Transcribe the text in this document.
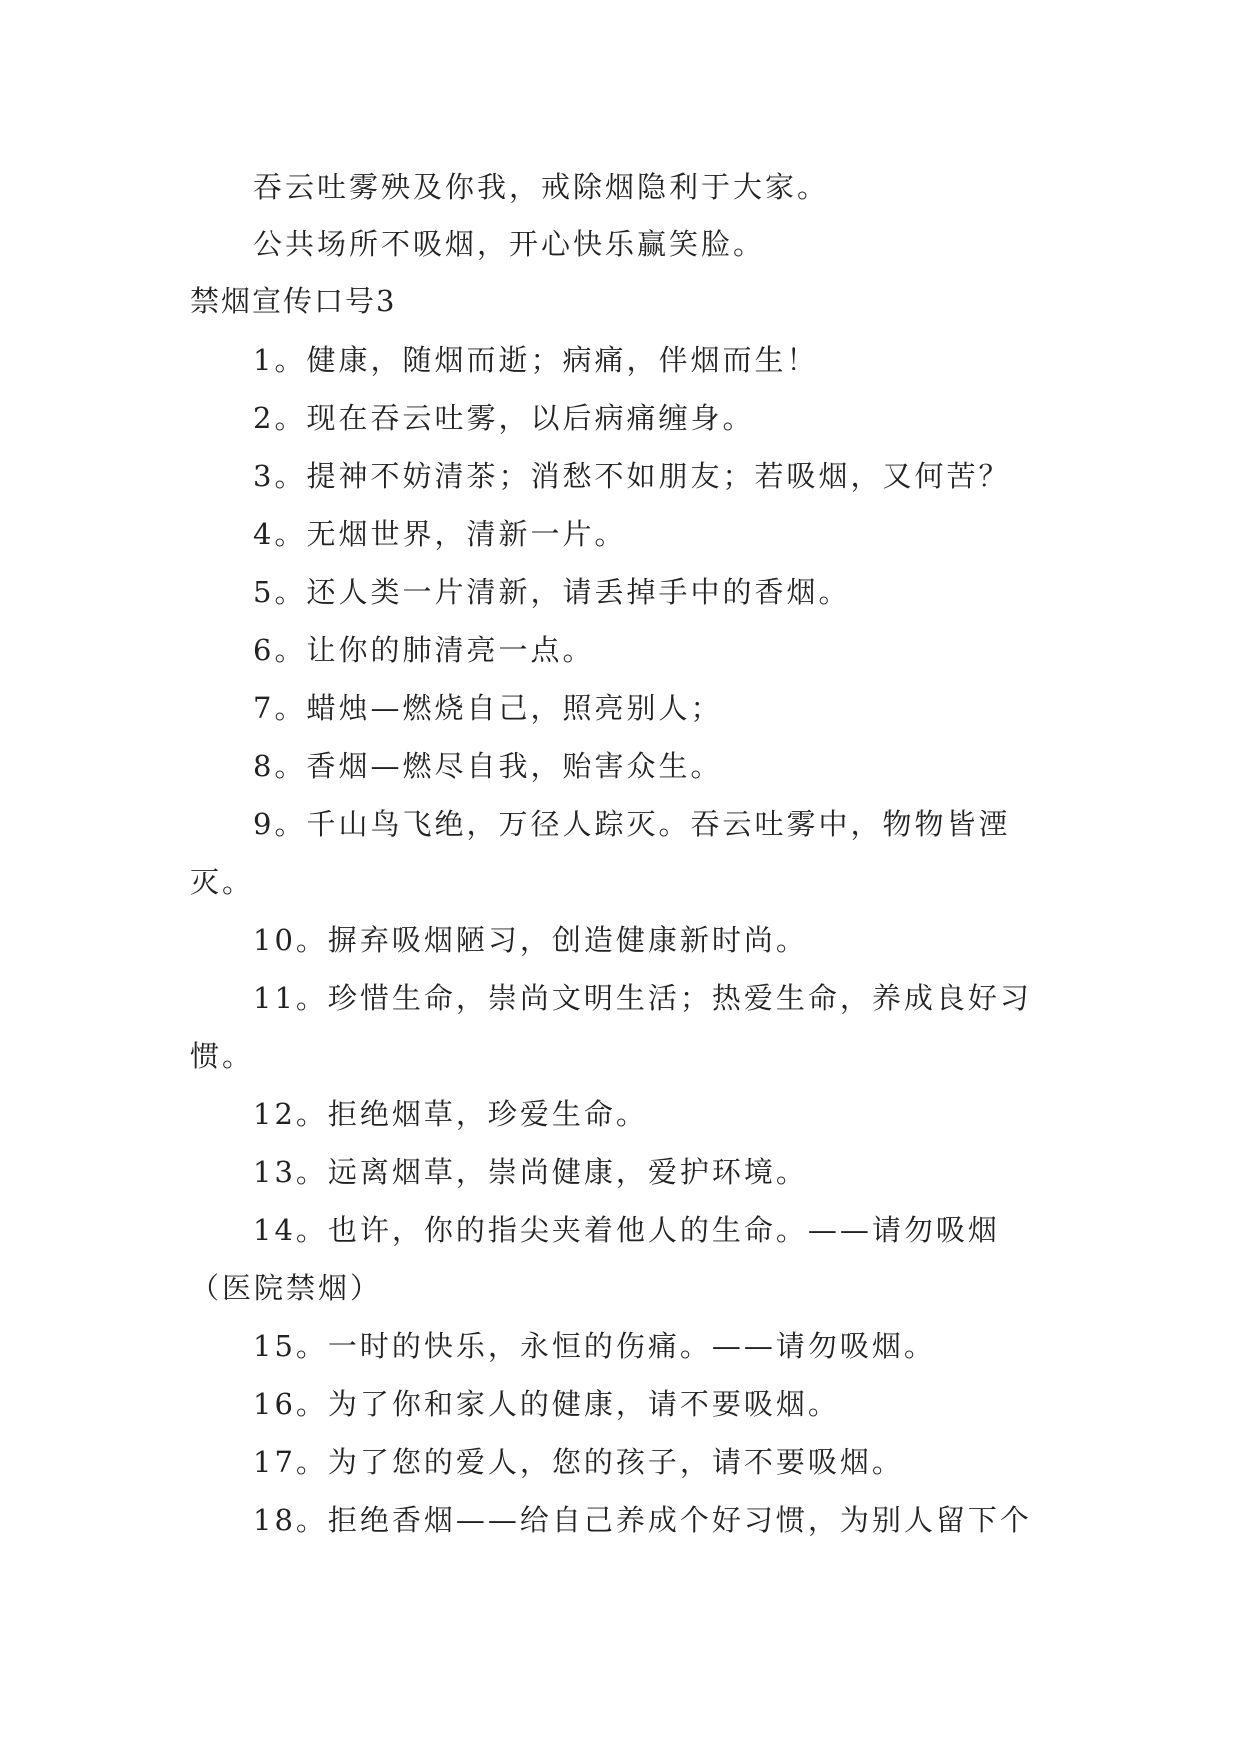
吞云吐雾殃及你我，戒除烟隐利于大家。
公共场所不吸烟，开心快乐赢笑脸。
禁烟宣传口号3
1。健康，随烟而逝；病痛，伴烟而生！
2。现在吞云吐雾，以后病痛缠身。
3。提神不妨清茶；消愁不如朋友；若吸烟，又何苦？
4。无烟世界，清新一片。
5。还人类一片清新，请丢掉手中的香烟。
6。让你的肺清亮一点。
7。蜡烛—燃烧自己，照亮别人；
8。香烟—燃尽自我，贻害众生。
9。千山鸟飞绝，万径人踪灭。吞云吐雾中，物物皆湮
灭。
10。摒弃吸烟陋习，创造健康新时尚。
11。珍惜生命，崇尚文明生活；热爱生命，养成良好习
惯。
12。拒绝烟草，珍爱生命。
13。远离烟草，崇尚健康，爱护环境。
14。也许，你的指尖夹着他人的生命。——请勿吸烟
（医院禁烟）
15。一时的快乐，永恒的伤痛。——请勿吸烟。
16。为了你和家人的健康，请不要吸烟。
17。为了您的爱人，您的孩子，请不要吸烟。
18。拒绝香烟——给自己养成个好习惯，为别人留下个
